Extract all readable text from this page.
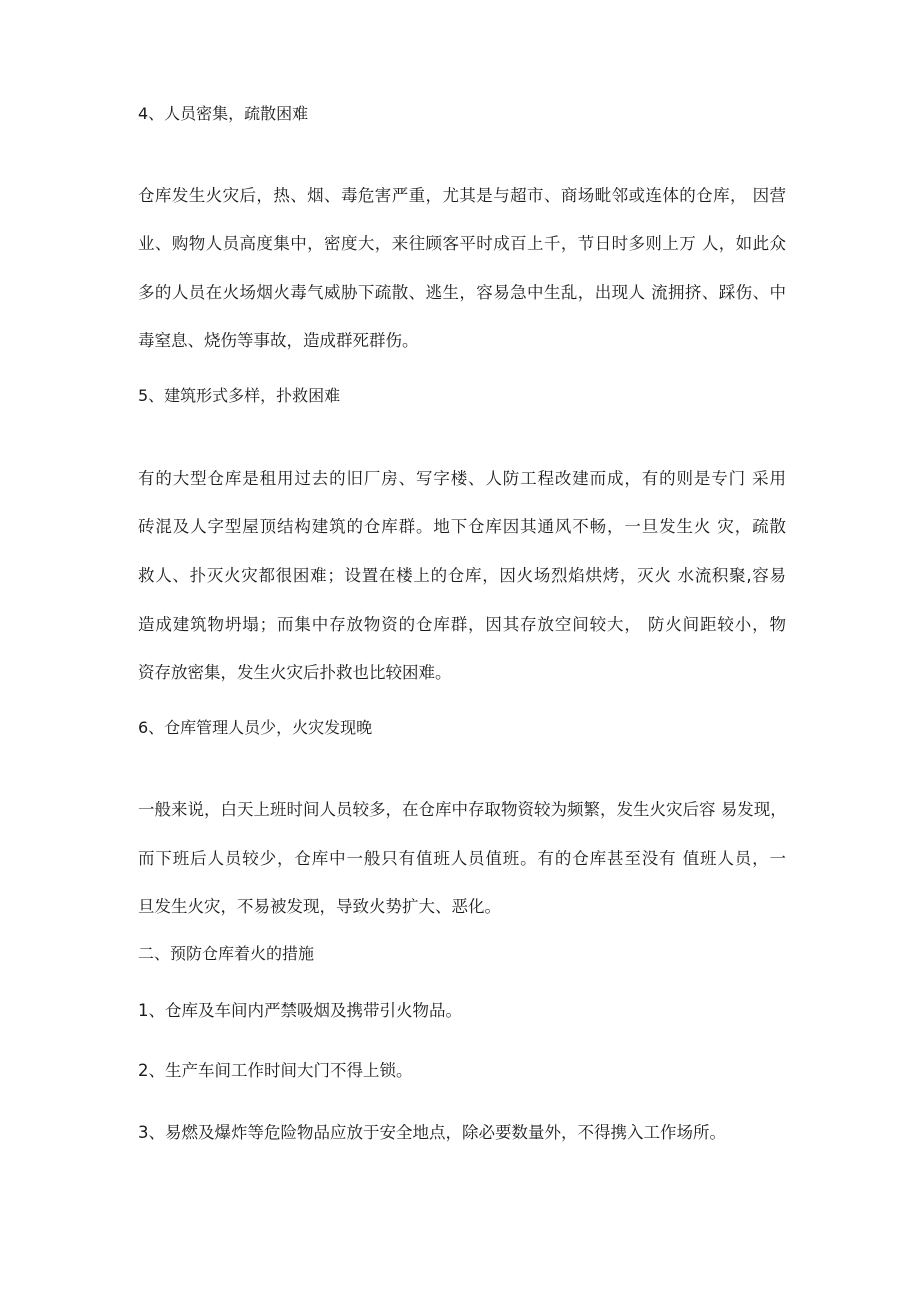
4、人员密集，疏散困难
仓库发生火灾后，热、烟、毒危害严重，尤其是与超市、商场毗邻或连体的仓库， 因营
业、购物人员高度集中，密度大，来往顾客平时成百上千，节日时多则上万 人，如此众
多的人员在火场烟火毒气威胁下疏散、逃生，容易急中生乱，出现人 流拥挤、踩伤、中
毒窒息、烧伤等事故，造成群死群伤。
5、建筑形式多样，扑救困难
有的大型仓库是租用过去的旧厂房、写字楼、人防工程改建而成，有的则是专门 采用
砖混及人字型屋顶结构建筑的仓库群。地下仓库因其通风不畅，一旦发生火 灾，疏散
救人、扑灭火灾都很困难；设置在楼上的仓库，因火场烈焰烘烤，灭火 水流积聚,容易
造成建筑物坍塌；而集中存放物资的仓库群，因其存放空间较大， 防火间距较小，物
资存放密集，发生火灾后扑救也比较困难。
6、仓库管理人员少，火灾发现晚
一般来说，白天上班时间人员较多，在仓库中存取物资较为频繁，发生火灾后容 易发现，
而下班后人员较少，仓库中一般只有值班人员值班。有的仓库甚至没有 值班人员，一
旦发生火灾，不易被发现，导致火势扩大、恶化。
二、预防仓库着火的措施
1、仓库及车间内严禁吸烟及携带引火物品。
2、生产车间工作时间大门不得上锁。
3、易燃及爆炸等危险物品应放于安全地点，除必要数量外，不得携入工作场所。
